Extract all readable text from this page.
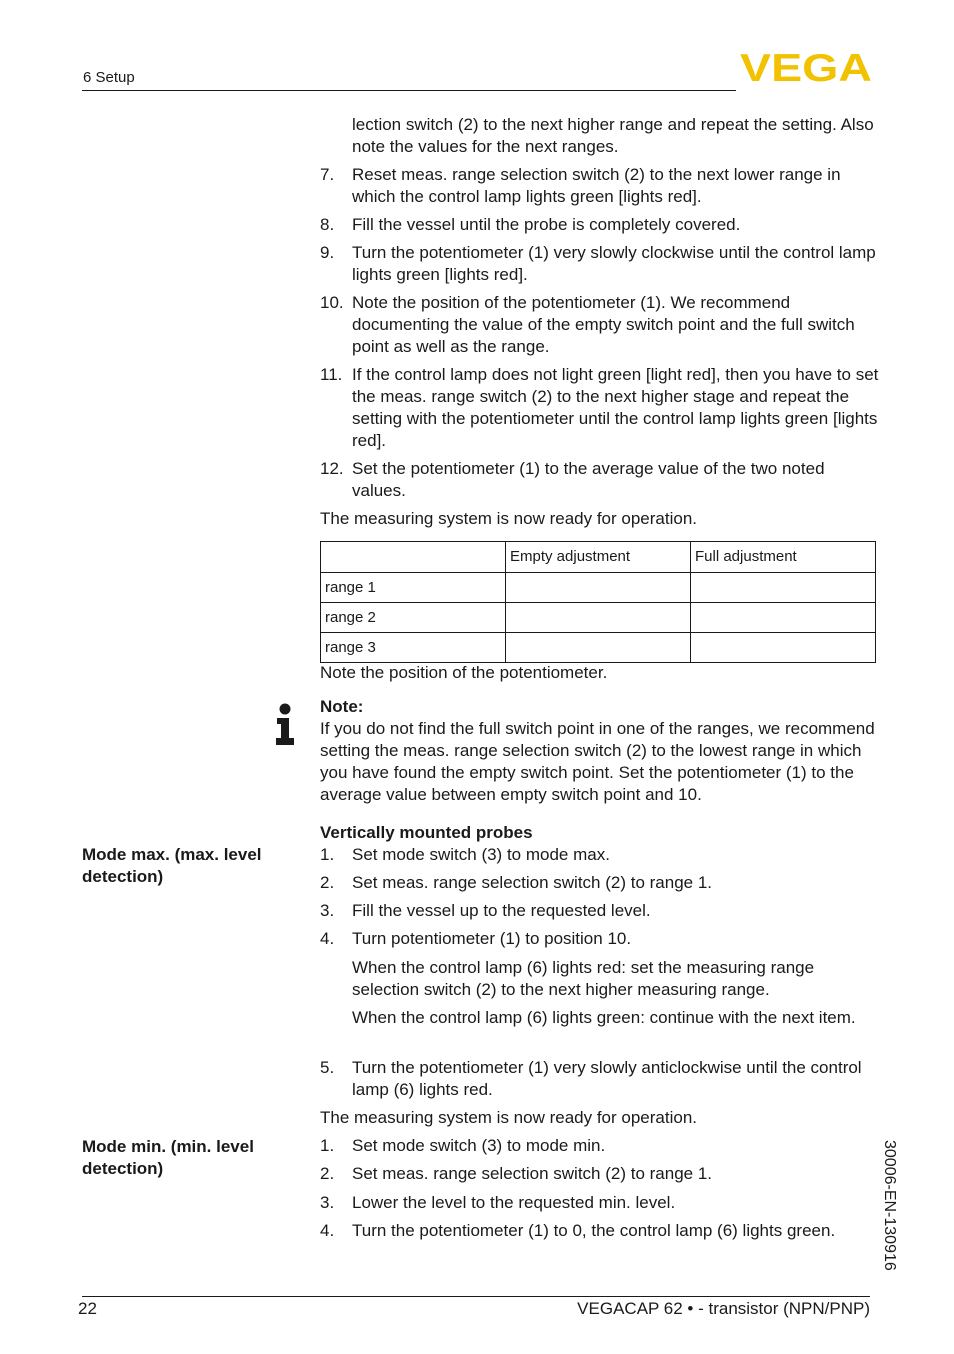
6 Setup	VEGA
lection switch (2) to the next higher range and repeat the setting. Also note the values for the next ranges.
7. Reset meas. range selection switch (2) to the next lower range in which the control lamp lights green [lights red].
8. Fill the vessel until the probe is completely covered.
9. Turn the potentiometer (1) very slowly clockwise until the control lamp lights green [lights red].
10. Note the position of the potentiometer (1). We recommend documenting the value of the empty switch point and the full switch point as well as the range.
11. If the control lamp does not light green [light red], then you have to set the meas. range switch (2) to the next higher stage and repeat the setting with the potentiometer until the control lamp lights green [lights red].
12. Set the potentiometer (1) to the average value of the two noted values.
The measuring system is now ready for operation.
	Empty adjustment	Full adjustment
range 1		
range 2		
range 3		
Note the position of the potentiometer.
Note:
If you do not find the full switch point in one of the ranges, we recommend setting the meas. range selection switch (2) to the lowest range in which you have found the empty switch point. Set the potentiometer (1) to the average value between empty switch point and 10.
Vertically mounted probes
Mode max. (max. level detection)
1. Set mode switch (3) to mode max.
2. Set meas. range selection switch (2) to range 1.
3. Fill the vessel up to the requested level.
4. Turn potentiometer (1) to position 10.
When the control lamp (6) lights red: set the measuring range selection switch (2) to the next higher measuring range.
When the control lamp (6) lights green: continue with the next item.
5. Turn the potentiometer (1) very slowly anticlockwise until the control lamp (6) lights red.
The measuring system is now ready for operation.
Mode min. (min. level detection)
1. Set mode switch (3) to mode min.
2. Set meas. range selection switch (2) to range 1.
3. Lower the level to the requested min. level.
4. Turn the potentiometer (1) to 0, the control lamp (6) lights green.	30006-EN-130916
22	VEGACAP 62 • - transistor (NPN/PNP)
